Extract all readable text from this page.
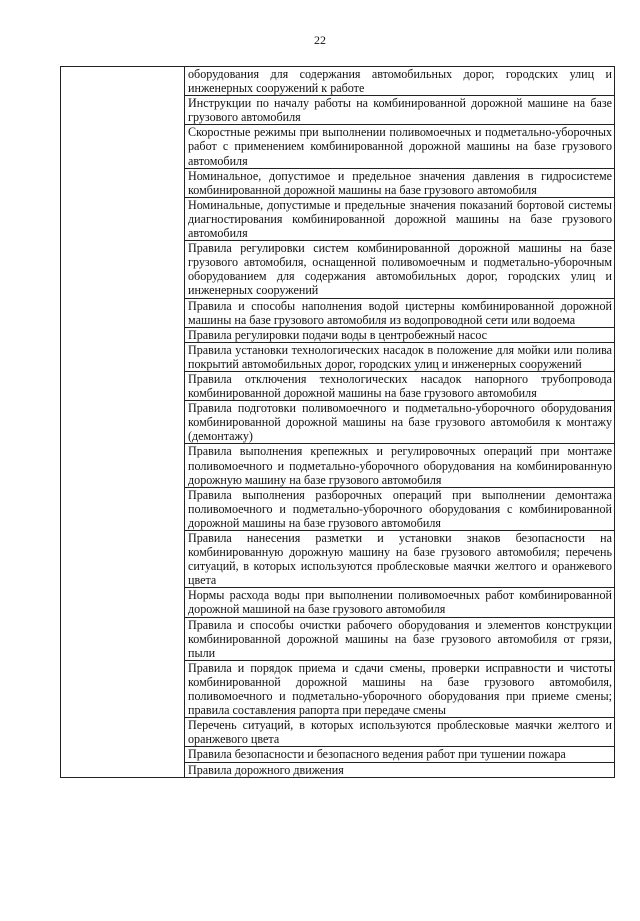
22
	оборудования для содержания автомобильных дорог, городских улиц и инженерных сооружений к работе
Инструкции по началу работы на комбинированной дорожной машине на базе грузового автомобиля
Скоростные режимы при выполнении поливомоечных и подметально-уборочных работ с применением комбинированной дорожной машины на базе грузового автомобиля
Номинальное, допустимое и предельное значения давления в гидросистеме комбинированной дорожной машины на базе грузового автомобиля
Номинальные, допустимые и предельные значения показаний бортовой системы диагностирования комбинированной дорожной машины на базе грузового автомобиля
Правила регулировки систем комбинированной дорожной машины на базе грузового автомобиля, оснащенной поливомоечным и подметально-уборочным оборудованием для содержания автомобильных дорог, городских улиц и инженерных сооружений
Правила и способы наполнения водой цистерны комбинированной дорожной машины на базе грузового автомобиля из водопроводной сети или водоема
Правила регулировки подачи воды в центробежный насос
Правила установки технологических насадок в положение для мойки или полива покрытий автомобильных дорог, городских улиц и инженерных сооружений
Правила отключения технологических насадок напорного трубопровода комбинированной дорожной машины на базе грузового автомобиля
Правила подготовки поливомоечного и подметально-уборочного оборудования комбинированной дорожной машины на базе грузового автомобиля к монтажу (демонтажу)
Правила выполнения крепежных и регулировочных операций при монтаже поливомоечного и подметально-уборочного оборудования на комбинированную дорожную машину на базе грузового автомобиля
Правила выполнения разборочных операций при выполнении демонтажа поливомоечного и подметально-уборочного оборудования с комбинированной дорожной машины на базе грузового автомобиля
Правила нанесения разметки и установки знаков безопасности на комбинированную дорожную машину на базе грузового автомобиля; перечень ситуаций, в которых используются проблесковые маячки желтого и оранжевого цвета
Нормы расхода воды при выполнении поливомоечных работ комбинированной дорожной машиной на базе грузового автомобиля
Правила и способы очистки рабочего оборудования и элементов конструкции комбинированной дорожной машины на базе грузового автомобиля от грязи, пыли
Правила и порядок приема и сдачи смены, проверки исправности и чистоты комбинированной дорожной машины на базе грузового автомобиля, поливомоечного и подметально-уборочного оборудования при приеме смены; правила составления рапорта при передаче смены
Перечень ситуаций, в которых используются проблесковые маячки желтого и оранжевого цвета
Правила безопасности и безопасного ведения работ при тушении пожара
Правила дорожного движения
